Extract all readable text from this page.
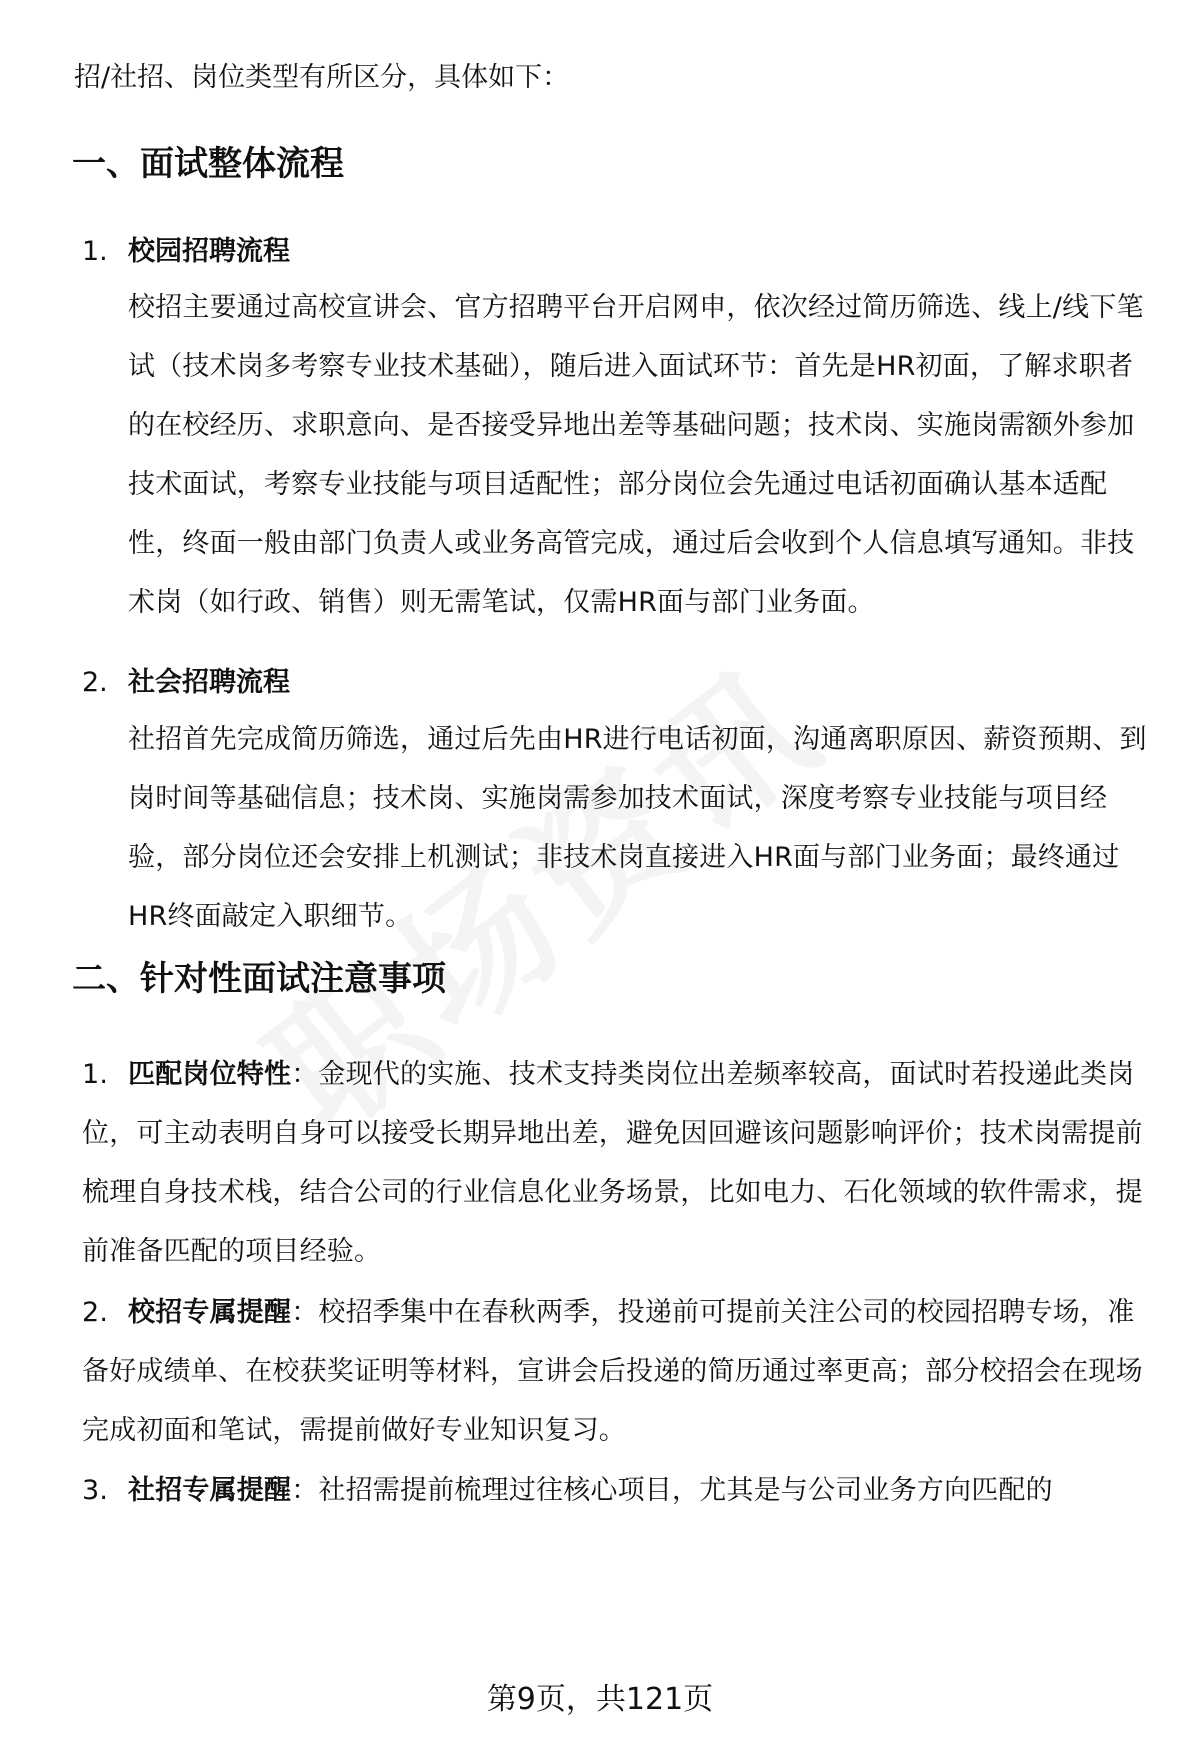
招/社招、岗位类型有所区分，具体如下：

一、面试整体流程
1. 校园招聘流程

校招主要通过高校宣讲会、官方招聘平台开启网申，依次经过简历筛选、线上/线下笔试（技术岗多考察专业技术基础），随后进入面试环节：首先是HR初面，了解求职者的在校经历、求职意向、是否接受异地出差等基础问题；技术岗、实施岗需额外参加技术面试，考察专业技能与项目适配性；部分岗位会先通过电话初面确认基本适配性，终面一般由部门负责人或业务高管完成，通过后会收到个人信息填写通知。非技术岗（如行政、销售）则无需笔试，仅需HR面与部门业务面。

2. 社会招聘流程

社招首先完成简历筛选，通过后先由HR进行电话初面，沟通离职原因、薪资预期、到岗时间等基础信息；技术岗、实施岗需参加技术面试，深度考察专业技能与项目经验，部分岗位还会安排上机测试；非技术岗直接进入HR面与部门业务面；最终通过HR终面敲定入职细节。

二、针对性面试注意事项

1. 匹配岗位特性：金现代的实施、技术支持类岗位出差频率较高，面试时若投递此类岗位，可主动表明自身可以接受长期异地出差，避免因回避该问题影响评价；技术岗需提前梳理自身技术栈，结合公司的行业信息化业务场景，比如电力、石化领域的软件需求，提前准备匹配的项目经验。

2. 校招专属提醒：校招季集中在春秋两季，投递前可提前关注公司的校园招聘专场，准备好成绩单、在校获奖证明等材料，宣讲会后投递的简历通过率更高；部分校招会在现场完成初面和笔试，需提前做好专业知识复习。

3. 社招专属提醒：社招需提前梳理过往核心项目，尤其是与公司业务方向匹配的

第9页，共121页
